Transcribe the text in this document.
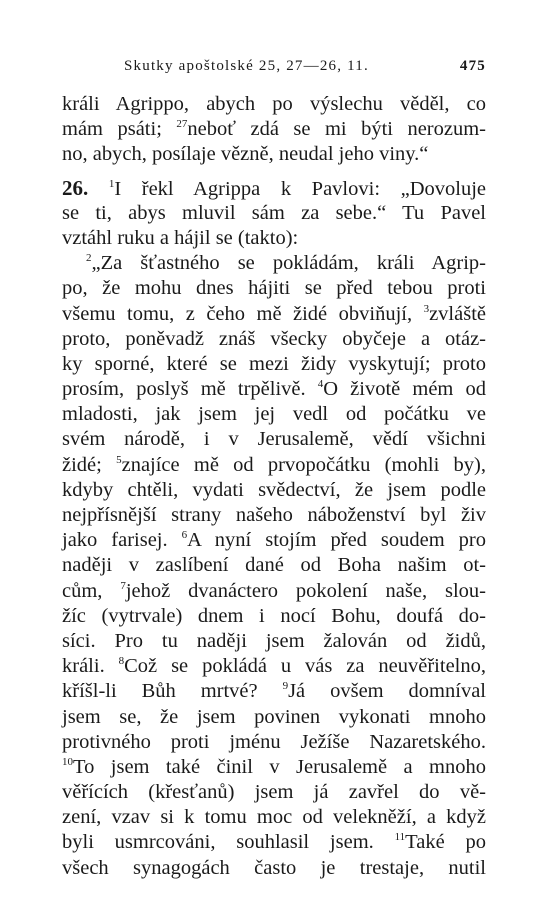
Skutky apoštolské 25, 27—26, 11.	475
králi Agrippo, abych po výslechu věděl, co
mám psáti; $^{27}$neboť zdá se mi býti nerozum-
no, abych, posílaje vězně, neudal jeho viny.“
26. $^1$I řekl Agrippa k Pavlovi: „Dovoluje
se ti, abys mluvil sám za sebe.“ Tu Pavel
vztáhl ruku a hájil se (takto):
$^2$„Za šťastného se pokládám, králi Agrip-
po, že mohu dnes hájiti se před tebou proti
všemu tomu, z čeho mě židé obviňují, $^3$zvláště
proto, poněvadž znáš všecky obyčeje a otáz-
ky sporné, které se mezi židy vyskytují; proto
prosím, poslyš mě trpělivě. $^4$O životě mém od
mladosti, jak jsem jej vedl od počátku ve
svém národě, i v Jerusalemě, vědí všichni
židé; $^5$znajíce mě od prvopočátku (mohli by),
kdyby chtěli, vydati svědectví, že jsem podle
nejpřísnější strany našeho náboženství byl živ
jako farisej. $^6$A nyní stojím před soudem pro
naději v zaslíbení dané od Boha našim ot-
cům, $^7$jehož dvanáctero pokolení naše, slou-
žíc (vytrvale) dnem i nocí Bohu, doufá do-
síci. Pro tu naději jsem žalován od židů,
králi. $^8$Což se pokládá u vás za neuvěřitelno,
kříšl-li Bůh mrtvé? $^9$Já ovšem domníval
jsem se, že jsem povinen vykonati mnoho
protivného proti jménu Ježíše Nazaretského.
$^{10}$To jsem také činil v Jerusalemě a mnoho
věřících (křesťanů) jsem já zavřel do vě-
zení, vzav si k tomu moc od velekněží, a když
byli usmrcováni, souhlasil jsem. $^{11}$Také po
všech synagogách často je trestaje, nutil
